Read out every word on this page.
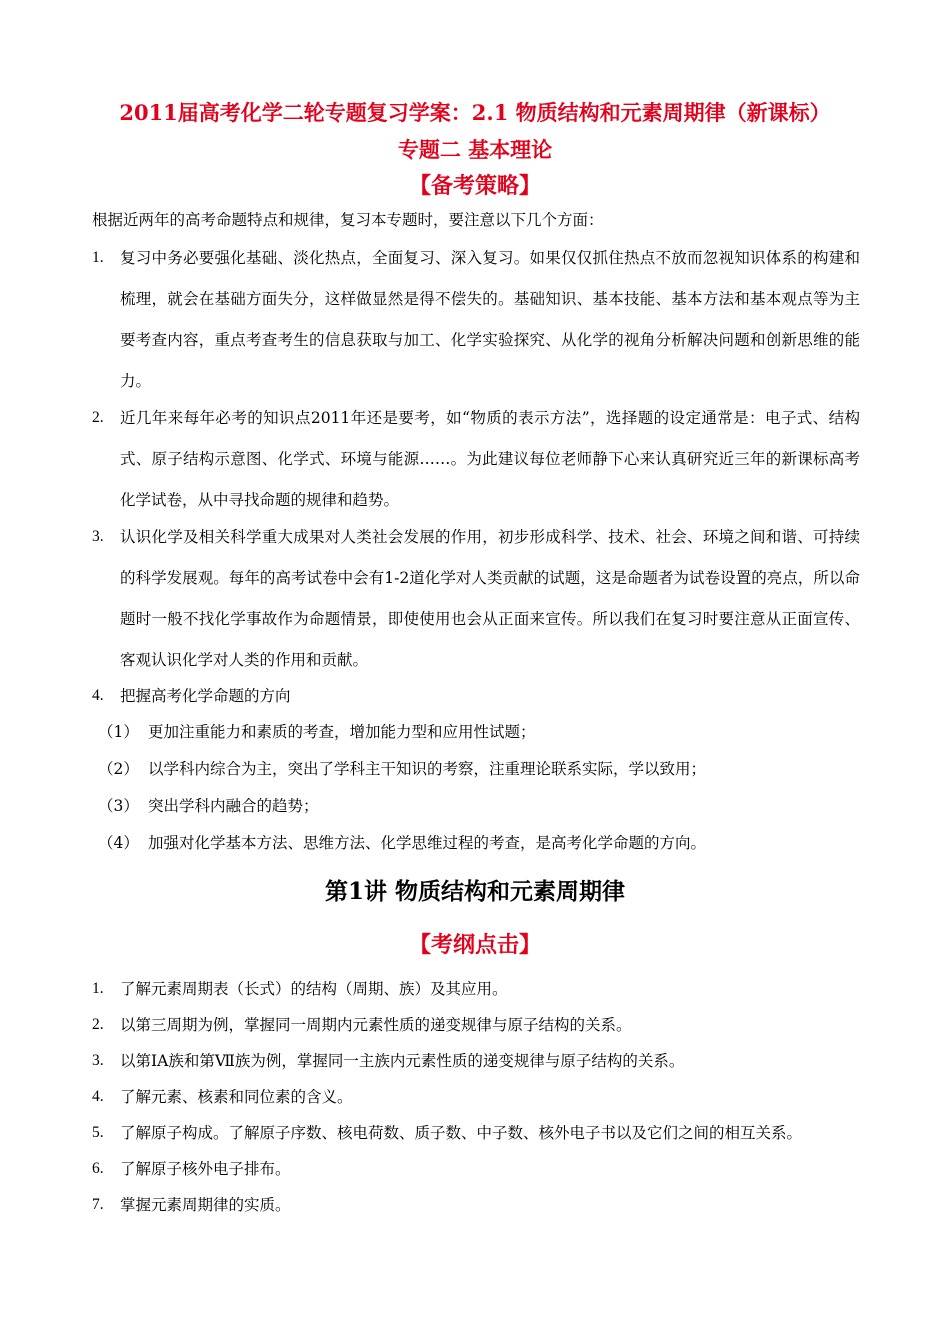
2011届高考化学二轮专题复习学案：2.1 物质结构和元素周期律（新课标）
专题二 基本理论
【备考策略】
根据近两年的高考命题特点和规律，复习本专题时，要注意以下几个方面：
1. 复习中务必要强化基础、淡化热点，全面复习、深入复习。如果仅仅抓住热点不放而忽视知识体系的构建和梳理，就会在基础方面失分，这样做显然是得不偿失的。基础知识、基本技能、基本方法和基本观点等为主要考查内容，重点考查考生的信息获取与加工、化学实验探究、从化学的视角分析解决问题和创新思维的能力。
2. 近几年来每年必考的知识点2011年还是要考，如“物质的表示方法”，选择题的设定通常是：电子式、结构式、原子结构示意图、化学式、环境与能源……。为此建议每位老师静下心来认真研究近三年的新课标高考化学试卷，从中寻找命题的规律和趋势。
3. 认识化学及相关科学重大成果对人类社会发展的作用，初步形成科学、技术、社会、环境之间和谐、可持续的科学发展观。每年的高考试卷中会有1-2道化学对人类贡献的试题，这是命题者为试卷设置的亮点，所以命题时一般不找化学事故作为命题情景，即使使用也会从正面来宣传。所以我们在复习时要注意从正面宣传、客观认识化学对人类的作用和贡献。
4. 把握高考化学命题的方向
（1） 更加注重能力和素质的考查，增加能力型和应用性试题；
（2） 以学科内综合为主，突出了学科主干知识的考察，注重理论联系实际，学以致用；
（3） 突出学科内融合的趋势；
（4） 加强对化学基本方法、思维方法、化学思维过程的考查，是高考化学命题的方向。
第1讲 物质结构和元素周期律
【考纲点击】
1. 了解元素周期表（长式）的结构（周期、族）及其应用。
2. 以第三周期为例，掌握同一周期内元素性质的递变规律与原子结构的关系。
3. 以第ⅠA族和第Ⅶ族为例，掌握同一主族内元素性质的递变规律与原子结构的关系。
4. 了解元素、核素和同位素的含义。
5. 了解原子构成。了解原子序数、核电荷数、质子数、中子数、核外电子书以及它们之间的相互关系。
6. 了解原子核外电子排布。
7. 掌握元素周期律的实质。
